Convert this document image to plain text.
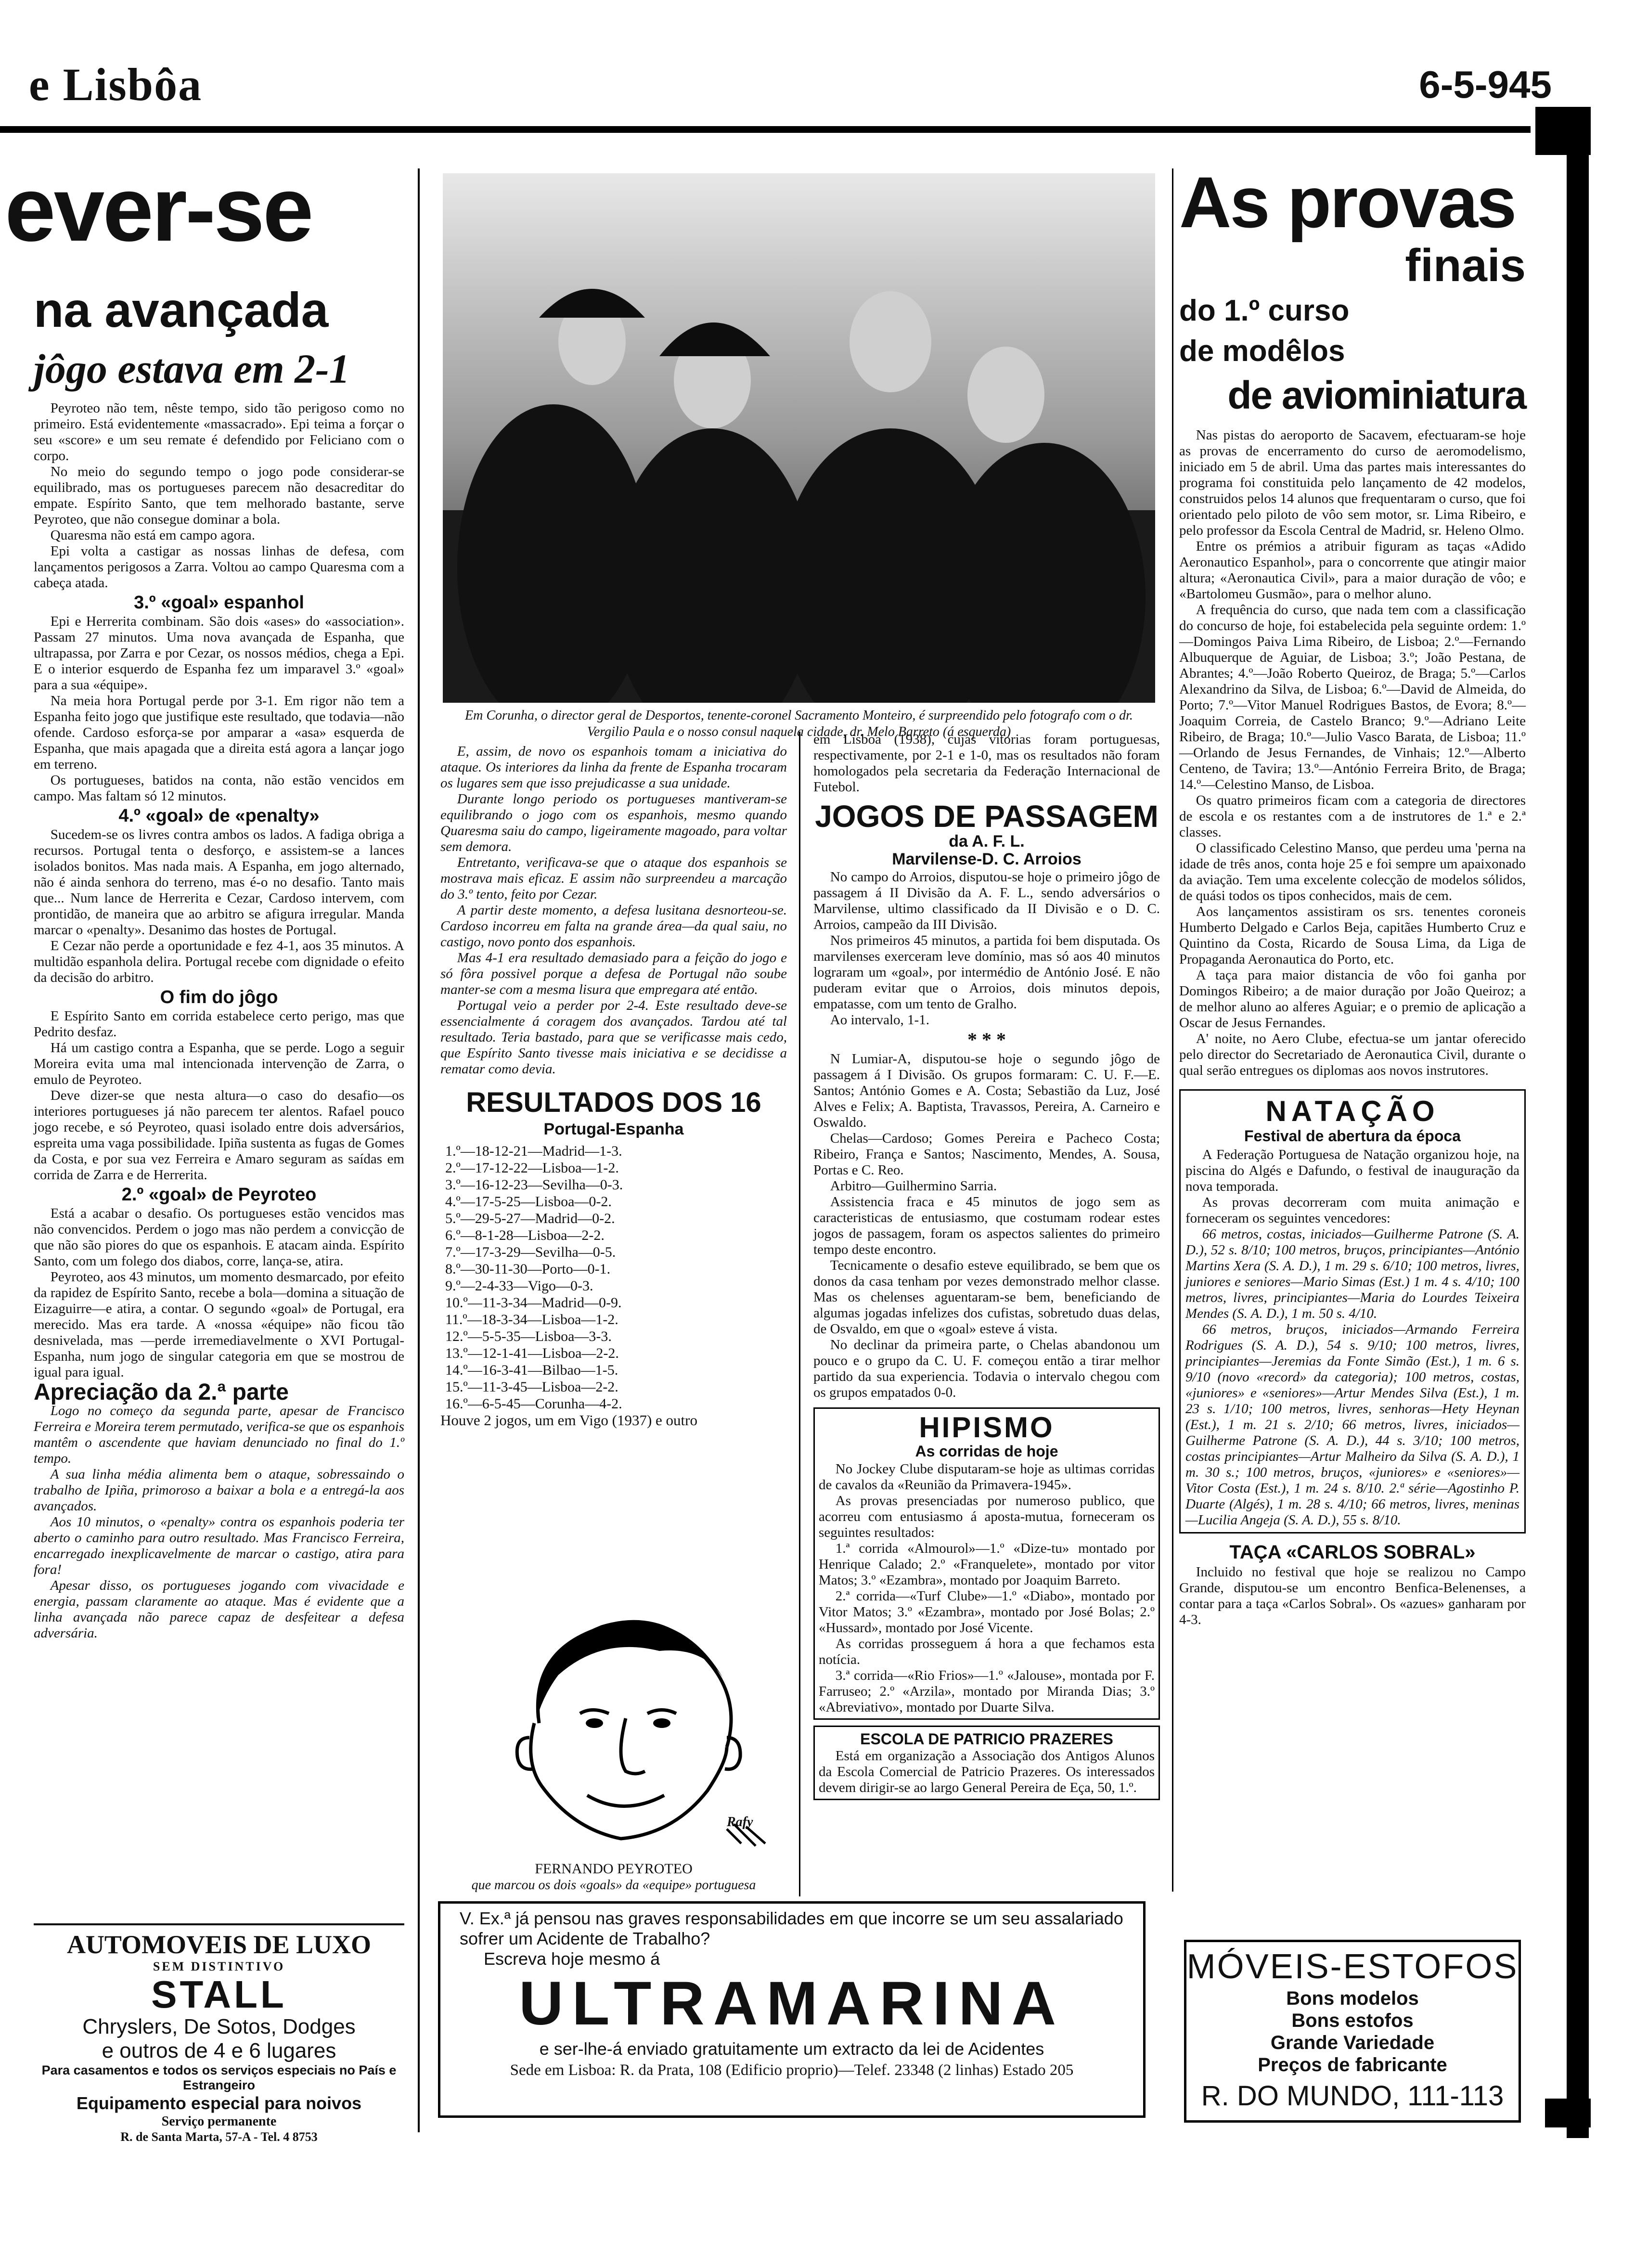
e Lisbôa	6-5-945
ever-se
na avançada
jôgo estava em 2-1

Peyroteo não tem, nêste tempo, sido tão perigoso como no primeiro. Está evidentemente «massacrado». Epi teima a forçar o seu «score» e um seu remate é defendido por Feliciano com o corpo.

No meio do segundo tempo o jogo pode considerar-se equilibrado, mas os portugueses parecem não desacreditar do empate. Espírito Santo, que tem melhorado bastante, serve Peyroteo, que não consegue dominar a bola.

Quaresma não está em campo agora.

Epi volta a castigar as nossas linhas de defesa, com lançamentos perigosos a Zarra. Voltou ao campo Quaresma com a cabeça atada.

3.º «goal» espanhol

Epi e Herrerita combinam. São dois «ases» do «association». Passam 27 minutos. Uma nova avançada de Espanha, que ultrapassa, por Zarra e por Cezar, os nossos médios, chega a Epi. E o interior esquerdo de Espanha fez um imparavel 3.º «goal» para a sua «équipe».

Na meia hora Portugal perde por 3-1. Em rigor não tem a Espanha feito jogo que justifique este resultado, que todavia—não ofende. Cardoso esforça-se por amparar a «asa» esquerda de Espanha, que mais apagada que a direita está agora a lançar jogo em terreno.

Os portugueses, batidos na conta, não estão vencidos em campo. Mas faltam só 12 minutos.

4.º «goal» de «penalty»

Sucedem-se os livres contra ambos os lados. A fadiga obriga a recursos. Portugal tenta o desforço, e assistem-se a lances isolados bonitos. Mas nada mais. A Espanha, em jogo alternado, não é ainda senhora do terreno, mas é-o no desafio. Tanto mais que... Num lance de Herrerita e Cezar, Cardoso intervem, com prontidão, de maneira que ao arbitro se afigura irregular. Manda marcar o «penalty». Desanimo das hostes de Portugal.

E Cezar não perde a oportunidade e fez 4-1, aos 35 minutos. A multidão espanhola delira. Portugal recebe com dignidade o efeito da decisão do arbitro.

O fim do jôgo

E Espírito Santo em corrida estabelece certo perigo, mas que Pedrito desfaz.

Há um castigo contra a Espanha, que se perde. Logo a seguir Moreira evita uma mal intencionada intervenção de Zarra, o emulo de Peyroteo.

Deve dizer-se que nesta altura—o caso do desafio—os interiores portugueses já não parecem ter alentos. Rafael pouco jogo recebe, e só Peyroteo, quasi isolado entre dois adversários, espreita uma vaga possibilidade. Ipiña sustenta as fugas de Gomes da Costa, e por sua vez Ferreira e Amaro seguram as saídas em corrida de Zarra e de Herrerita.

2.º «goal» de Peyroteo

Está a acabar o desafio. Os portugueses estão vencidos mas não convencidos. Perdem o jogo mas não perdem a convicção de que não são piores do que os espanhois. E atacam ainda. Espírito Santo, com um folego dos diabos, corre, lança-se, atira.

Peyroteo, aos 43 minutos, um momento desmarcado, por efeito da rapidez de Espírito Santo, recebe a bola—domina a situação de Eizaguirre—e atira, a contar. O segundo «goal» de Portugal, era merecido. Mas era tarde. A «nossa «équipe» não ficou tão desnivelada, mas —perde irremediavelmente o XVI Portugal-Espanha, num jogo de singular categoria em que se mostrou de igual para igual.

Apreciação da 2.ª parte

Logo no começo da segunda parte, apesar de Francisco Ferreira e Moreira terem permutado, verifica-se que os espanhois mantêm o ascendente que haviam denunciado no final do 1.º tempo.

A sua linha média alimenta bem o ataque, sobressaindo o trabalho de Ipiña, primoroso a baixar a bola e a entregá-la aos avançados.

Aos 10 minutos, o «penalty» contra os espanhois poderia ter aberto o caminho para outro resultado. Mas Francisco Ferreira, encarregado inexplicavelmente de marcar o castigo, atira para fora!

Apesar disso, os portugueses jogando com vivacidade e energia, passam claramente ao ataque. Mas é evidente que a linha avançada não parece capaz de desfeitear a defesa adversária.

AUTOMOVEIS DE LUXO
SEM DISTINTIVO
STALL
Chryslers, De Sotos, Dodges
e outros de 4 e 6 lugares
Para casamentos e todos os serviços especiais no País e Estrangeiro
Equipamento especial para noivos
Serviço permanente
R. de Santa Marta, 57-A - Tel. 4 8753
Em Corunha, o director geral de Desportos, tenente-coronel Sacramento Monteiro, é surpreendido pelo fotografo com o dr. Vergilio Paula e o nosso consul naquela cidade, dr. Melo Barreto (á esquerda)

E, assim, de novo os espanhois tomam a iniciativa do ataque. Os interiores da linha da frente de Espanha trocaram os lugares sem que isso prejudicasse a sua unidade.

Durante longo periodo os portugueses mantiveram-se equilibrando o jogo com os espanhois, mesmo quando Quaresma saiu do campo, ligeiramente magoado, para voltar sem demora.

Entretanto, verificava-se que o ataque dos espanhois se mostrava mais eficaz. E assim não surpreendeu a marcação do 3.º tento, feito por Cezar.

A partir deste momento, a defesa lusitana desnorteou-se. Cardoso incorreu em falta na grande área—da qual saiu, no castigo, novo ponto dos espanhois.

Mas 4-1 era resultado demasiado para a feição do jogo e só fôra possivel porque a defesa de Portugal não soube manter-se com a mesma lisura que empregara até então.

Portugal veio a perder por 2-4. Este resultado deve-se essencialmente á coragem dos avançados. Tardou até tal resultado. Teria bastado, para que se verificasse mais cedo, que Espírito Santo tivesse mais iniciativa e se decidisse a rematar como devia.

RESULTADOS DOS 16
Portugal-Espanha
1.º—18-12-21—Madrid—1-3.
2.º—17-12-22—Lisboa—1-2.
3.º—16-12-23—Sevilha—0-3.
4.º—17-5-25—Lisboa—0-2.
5.º—29-5-27—Madrid—0-2.
6.º—8-1-28—Lisboa—2-2.
7.º—17-3-29—Sevilha—0-5.
8.º—30-11-30—Porto—0-1.
9.º—2-4-33—Vigo—0-3.
10.º—11-3-34—Madrid—0-9.
11.º—18-3-34—Lisboa—1-2.
12.º—5-5-35—Lisboa—3-3.
13.º—12-1-41—Lisboa—2-2.
14.º—16-3-41—Bilbao—1-5.
15.º—11-3-45—Lisboa—2-2.
16.º—6-5-45—Corunha—4-2.

Houve 2 jogos, um em Vigo (1937) e outro

Rafy
FERNANDO PEYROTEO
que marcou os dois «goals» da «equipe» portuguesa

em Lisboa (1938), cujas vitorias foram portuguesas, respectivamente, por 2-1 e 1-0, mas os resultados não foram homologados pela secretaria da Federação Internacional de Futebol.

JOGOS DE PASSAGEM
da A. F. L.
Marvilense-D. C. Arroios

No campo do Arroios, disputou-se hoje o primeiro jôgo de passagem á II Divisão da A. F. L., sendo adversários o Marvilense, ultimo classificado da II Divisão e o D. C. Arroios, campeão da III Divisão.

Nos primeiros 45 minutos, a partida foi bem disputada. Os marvilenses exerceram leve domínio, mas só aos 40 minutos lograram um «goal», por intermédio de António José. E não puderam evitar que o Arroios, dois minutos depois, empatasse, com um tento de Gralho.

Ao intervalo, 1-1.

* * *

N Lumiar-A, disputou-se hoje o segundo jôgo de passagem á I Divisão. Os grupos formaram: C. U. F.—E. Santos; António Gomes e A. Costa; Sebastião da Luz, José Alves e Felix; A. Baptista, Travassos, Pereira, A. Carneiro e Oswaldo.

Chelas—Cardoso; Gomes Pereira e Pacheco Costa; Ribeiro, França e Santos; Nascimento, Mendes, A. Sousa, Portas e C. Reo.

Arbitro—Guilhermino Sarria.

Assistencia fraca e 45 minutos de jogo sem as caracteristicas de entusiasmo, que costumam rodear estes jogos de passagem, foram os aspectos salientes do primeiro tempo deste encontro.

Tecnicamente o desafio esteve equilibrado, se bem que os donos da casa tenham por vezes demonstrado melhor classe. Mas os chelenses aguentaram-se bem, beneficiando de algumas jogadas infelizes dos cufistas, sobretudo duas delas, de Osvaldo, em que o «goal» esteve á vista.

No declinar da primeira parte, o Chelas abandonou um pouco e o grupo da C. U. F. começou então a tirar melhor partido da sua experiencia. Todavia o intervalo chegou com os grupos empatados 0-0.

HIPISMO
As corridas de hoje

No Jockey Clube disputaram-se hoje as ultimas corridas de cavalos da «Reunião da Primavera-1945».

As provas presenciadas por numeroso publico, que acorreu com entusiasmo á aposta-mutua, forneceram os seguintes resultados:

1.ª corrida «Almourol»—1.º «Dize-tu» montado por Henrique Calado; 2.º «Franquelete», montado por vitor Matos; 3.º «Ezambra», montado por Joaquim Barreto.

2.ª corrida—«Turf Clube»—1.º «Diabo», montado por Vitor Matos; 3.º «Ezambra», montado por José Bolas; 2.º «Hussard», montado por José Vicente.

As corridas prosseguem á hora a que fechamos esta notícia.

3.ª corrida—«Rio Frios»—1.º «Jalouse», montada por F. Farruseo; 2.º «Arzila», montado por Miranda Dias; 3.º «Abreviativo», montado por Duarte Silva.

ESCOLA DE PATRICIO PRAZERES

Está em organização a Associação dos Antigos Alunos da Escola Comercial de Patricio Prazeres. Os interessados devem dirigir-se ao largo General Pereira de Eça, 50, 1.º.

As provas
finais
do 1.º curso
de modêlos
de aviominiatura

Nas pistas do aeroporto de Sacavem, efectuaram-se hoje as provas de encerramento do curso de aeromodelismo, iniciado em 5 de abril. Uma das partes mais interessantes do programa foi constituida pelo lançamento de 42 modelos, construidos pelos 14 alunos que frequentaram o curso, que foi orientado pelo piloto de vôo sem motor, sr. Lima Ribeiro, e pelo professor da Escola Central de Madrid, sr. Heleno Olmo.

Entre os prémios a atribuir figuram as taças «Adido Aeronautico Espanhol», para o concorrente que atingir maior altura; «Aeronautica Civil», para a maior duração de vôo; e «Bartolomeu Gusmão», para o melhor aluno.

A frequência do curso, que nada tem com a classificação do concurso de hoje, foi estabelecida pela seguinte ordem: 1.º—Domingos Paiva Lima Ribeiro, de Lisboa; 2.º—Fernando Albuquerque de Aguiar, de Lisboa; 3.º; João Pestana, de Abrantes; 4.º—João Roberto Queiroz, de Braga; 5.º—Carlos Alexandrino da Silva, de Lisboa; 6.º—David de Almeida, do Porto; 7.º—Vitor Manuel Rodrigues Bastos, de Evora; 8.º—Joaquim Correia, de Castelo Branco; 9.º—Adriano Leite Ribeiro, de Braga; 10.º—Julio Vasco Barata, de Lisboa; 11.º—Orlando de Jesus Fernandes, de Vinhais; 12.º—Alberto Centeno, de Tavira; 13.º—António Ferreira Brito, de Braga; 14.º—Celestino Manso, de Lisboa.

Os quatro primeiros ficam com a categoria de directores de escola e os restantes com a de instrutores de 1.ª e 2.ª classes.

O classificado Celestino Manso, que perdeu uma 'perna na idade de três anos, conta hoje 25 e foi sempre um apaixonado da aviação. Tem uma excelente colecção de modelos sólidos, de quási todos os tipos conhecidos, mais de cem.

Aos lançamentos assistiram os srs. tenentes coroneis Humberto Delgado e Carlos Beja, capitães Humberto Cruz e Quintino da Costa, Ricardo de Sousa Lima, da Liga de Propaganda Aeronautica do Porto, etc.

A taça para maior distancia de vôo foi ganha por Domingos Ribeiro; a de maior duração por João Queiroz; a de melhor aluno ao alferes Aguiar; e o premio de aplicação a Oscar de Jesus Fernandes.

A' noite, no Aero Clube, efectua-se um jantar oferecido pelo director do Secretariado de Aeronautica Civil, durante o qual serão entregues os diplomas aos novos instrutores.

NATAÇÃO
Festival de abertura da época

A Federação Portuguesa de Natação organizou hoje, na piscina do Algés e Dafundo, o festival de inauguração da nova temporada.

As provas decorreram com muita animação e forneceram os seguintes vencedores:

66 metros, costas, iniciados—Guilherme Patrone (S. A. D.), 52 s. 8/10; 100 metros, bruços, principiantes—António Martins Xera (S. A. D.), 1 m. 29 s. 6/10; 100 metros, livres, juniores e seniores—Mario Simas (Est.) 1 m. 4 s. 4/10; 100 metros, livres, principiantes—Maria do Lourdes Teixeira Mendes (S. A. D.), 1 m. 50 s. 4/10.

66 metros, bruços, iniciados—Armando Ferreira Rodrigues (S. A. D.), 54 s. 9/10; 100 metros, livres, principiantes—Jeremias da Fonte Simão (Est.), 1 m. 6 s. 9/10 (novo «record» da categoria); 100 metros, costas, «juniores» e «seniores»—Artur Mendes Silva (Est.), 1 m. 23 s. 1/10; 100 metros, livres, senhoras—Hety Heynan (Est.), 1 m. 21 s. 2/10; 66 metros, livres, iniciados—Guilherme Patrone (S. A. D.), 44 s. 3/10; 100 metros, costas principiantes—Artur Malheiro da Silva (S. A. D.), 1 m. 30 s.; 100 metros, bruços, «juniores» e «seniores»—Vitor Costa (Est.), 1 m. 24 s. 8/10. 2.ª série—Agostinho P. Duarte (Algés), 1 m. 28 s. 4/10; 66 metros, livres, meninas—Lucilia Angeja (S. A. D.), 55 s. 8/10.

TAÇA «CARLOS SOBRAL»

Incluido no festival que hoje se realizou no Campo Grande, disputou-se um encontro Benfica-Belenenses, a contar para a taça «Carlos Sobral». Os «azues» ganharam por 4-3.

MÓVEIS-ESTOFOS
Bons modelos
Bons estofos
Grande Variedade
Preços de fabricante
R. DO MUNDO, 111-113
V. Ex.ª já pensou nas graves responsabilidades em que incorre se um seu assalariado sofrer um Acidente de Trabalho?
Escreva hoje mesmo á
ULTRAMARINA
e ser-lhe-á enviado gratuitamente um extracto da lei de Acidentes
Sede em Lisboa: R. da Prata, 108 (Edificio proprio)—Telef. 23348 (2 linhas) Estado 205
